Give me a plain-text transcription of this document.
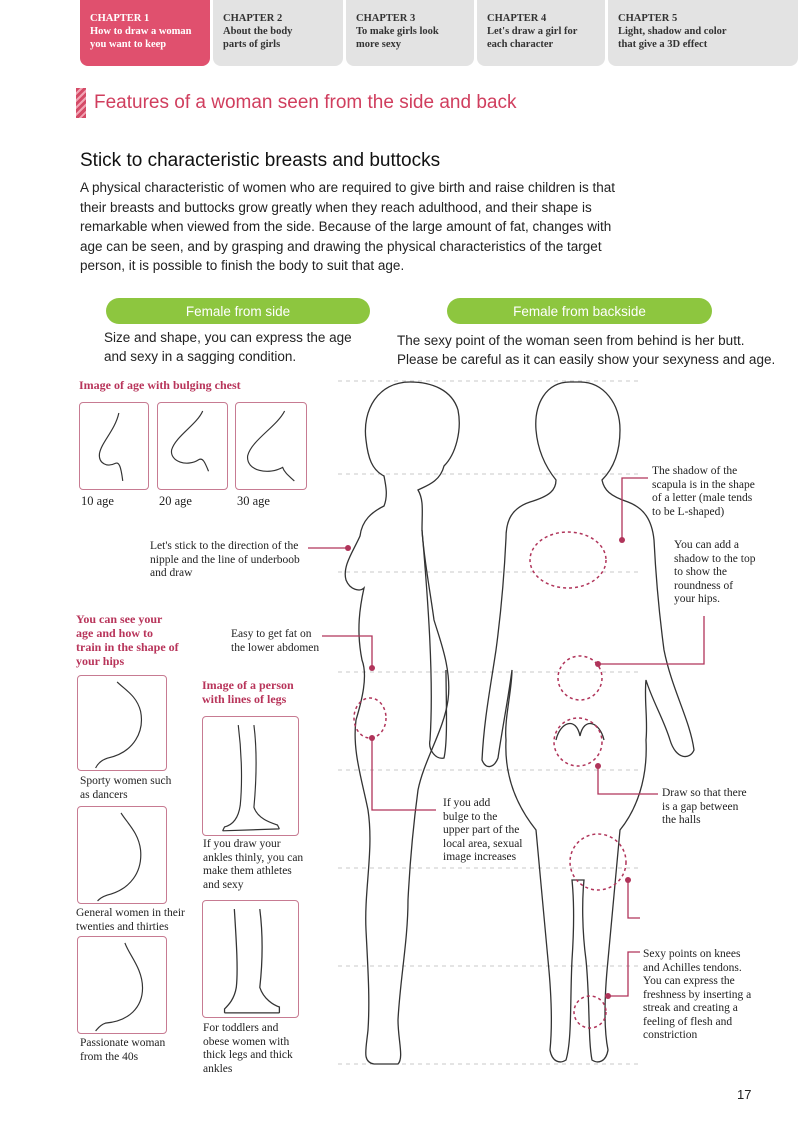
CHAPTER 1
How to draw a woman
you want to keep
CHAPTER 2
About the body
parts of girls
CHAPTER 3
To make girls look
more sexy
CHAPTER 4
Let's draw a girl for
each character
CHAPTER 5
Light, shadow and color
that give a 3D effect
Features of a woman seen from the side and back
Stick to characteristic breasts and buttocks

A physical characteristic of women who are required to give birth and raise children is that their breasts and buttocks grow greatly when they reach adulthood, and their shape is remarkable when viewed from the side. Because of the large amount of fat, changes with age can be seen, and by grasping and drawing the physical characteristics of the target person, it is possible to finish the body to suit that age.

Female from side	Female from backside

Size and shape, you can express the age
and sexy in a sagging condition.

The sexy point of the woman seen from behind is her butt.
Please be careful as it can easily show your sexyness and age.

Image of age with bulging chest
10 age	20 age	30 age
You can see your
age and how to
train in the shape of
your hips
Sporty women such
as dancers
General women in their
twenties and thirties
Passionate woman
from the 40s
Image of a person
with lines of legs
If you draw your
ankles thinly, you can
make them athletes
and sexy
For toddlers and
obese women with
thick legs and thick
ankles
Let's stick to the direction of the
nipple and the line of underboob
and draw
Easy to get fat on
the lower abdomen
If you add
bulge to the
upper part of the
local area, sexual
image increases
The shadow of the
scapula is in the shape
of a letter (male tends
to be L-shaped)
You can add a
shadow to the top
to show the
roundness of
your hips.
Draw so that there
is a gap between
the halls
Sexy points on knees
and Achilles tendons.
You can express the
freshness by inserting a
streak and creating a
feeling of flesh and
constriction
17
